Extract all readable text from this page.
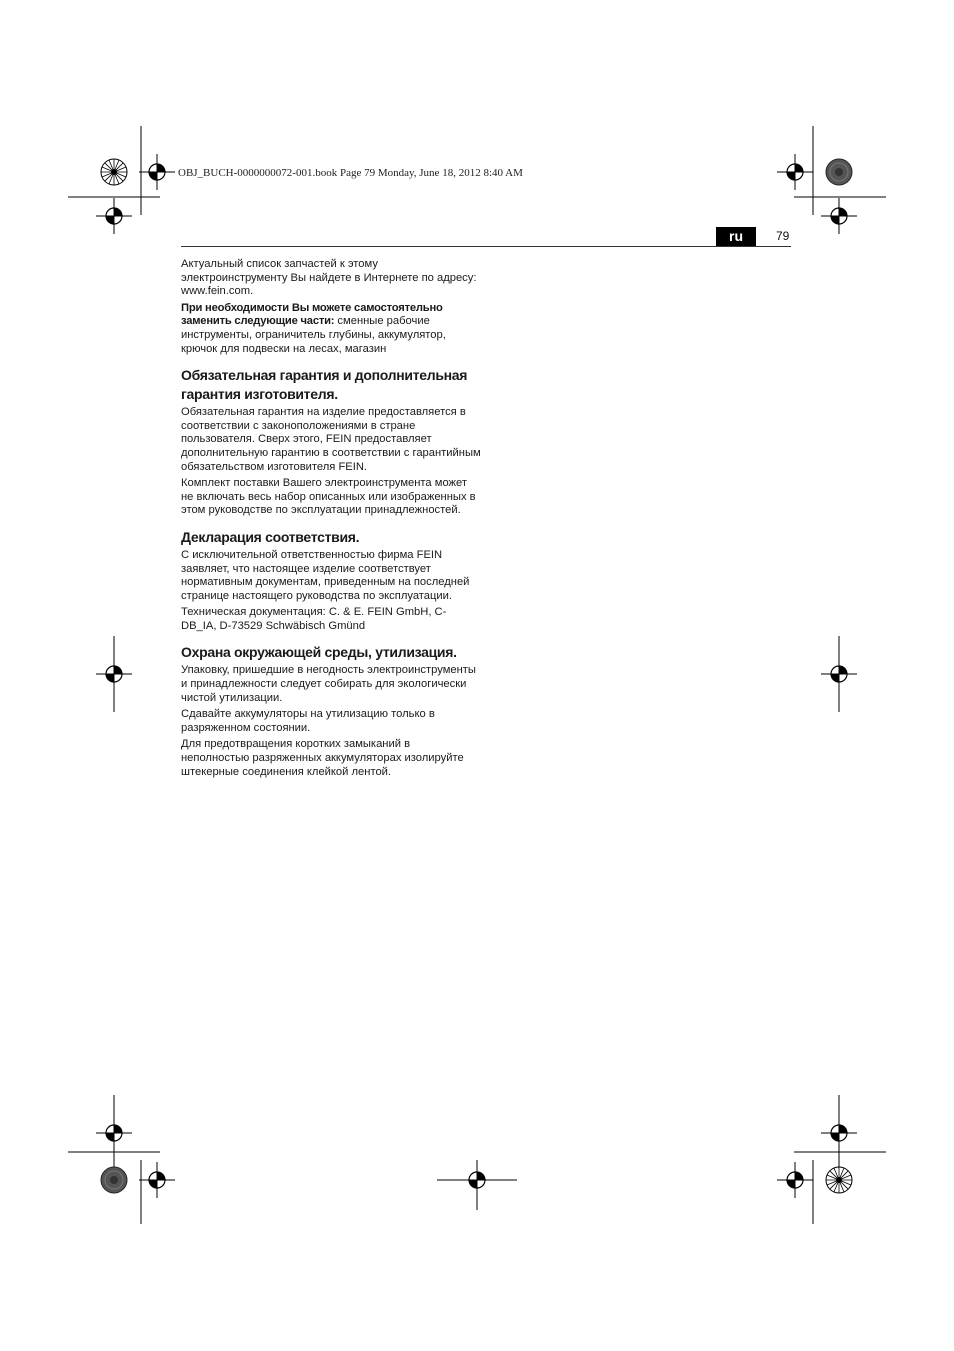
OBJ_BUCH-0000000072-001.book Page 79 Monday, June 18, 2012 8:40 AM
ru	79

Актуальный список запчастей к этому электроинструменту Вы найдете в Интернете по адресу: www.fein.com.

При необходимости Вы можете самостоятельно заменить следующие части: сменные рабочие инструменты, ограничитель глубины, аккумулятор, крючок для подвески на лесах, магазин

Обязательная гарантия и дополнительная гарантия изготовителя.

Обязательная гарантия на изделие предоставляется в соответствии с законоположениями в стране пользователя. Сверх этого, FEIN предоставляет дополнительную гарантию в соответствии с гарантийным обязательством изготовителя FEIN.

Комплект поставки Вашего электроинструмента может не включать весь набор описанных или изображенных в этом руководстве по эксплуатации принадлежностей.

Декларация соответствия.

С исключительной ответственностью фирма FEIN заявляет, что настоящее изделие соответствует нормативным документам, приведенным на последней странице настоящего руководства по эксплуатации.

Техническая документация: C. & E. FEIN GmbH, C-DB_IA, D-73529 Schwäbisch Gmünd

Охрана окружающей среды, утилизация.

Упаковку, пришедшие в негодность электроинструменты и принадлежности следует собирать для экологически чистой утилизации.

Сдавайте аккумуляторы на утилизацию только в разряженном состоянии.

Для предотвращения коротких замыканий в неполностью разряженных аккумуляторах изолируйте штекерные соединения клейкой лентой.
